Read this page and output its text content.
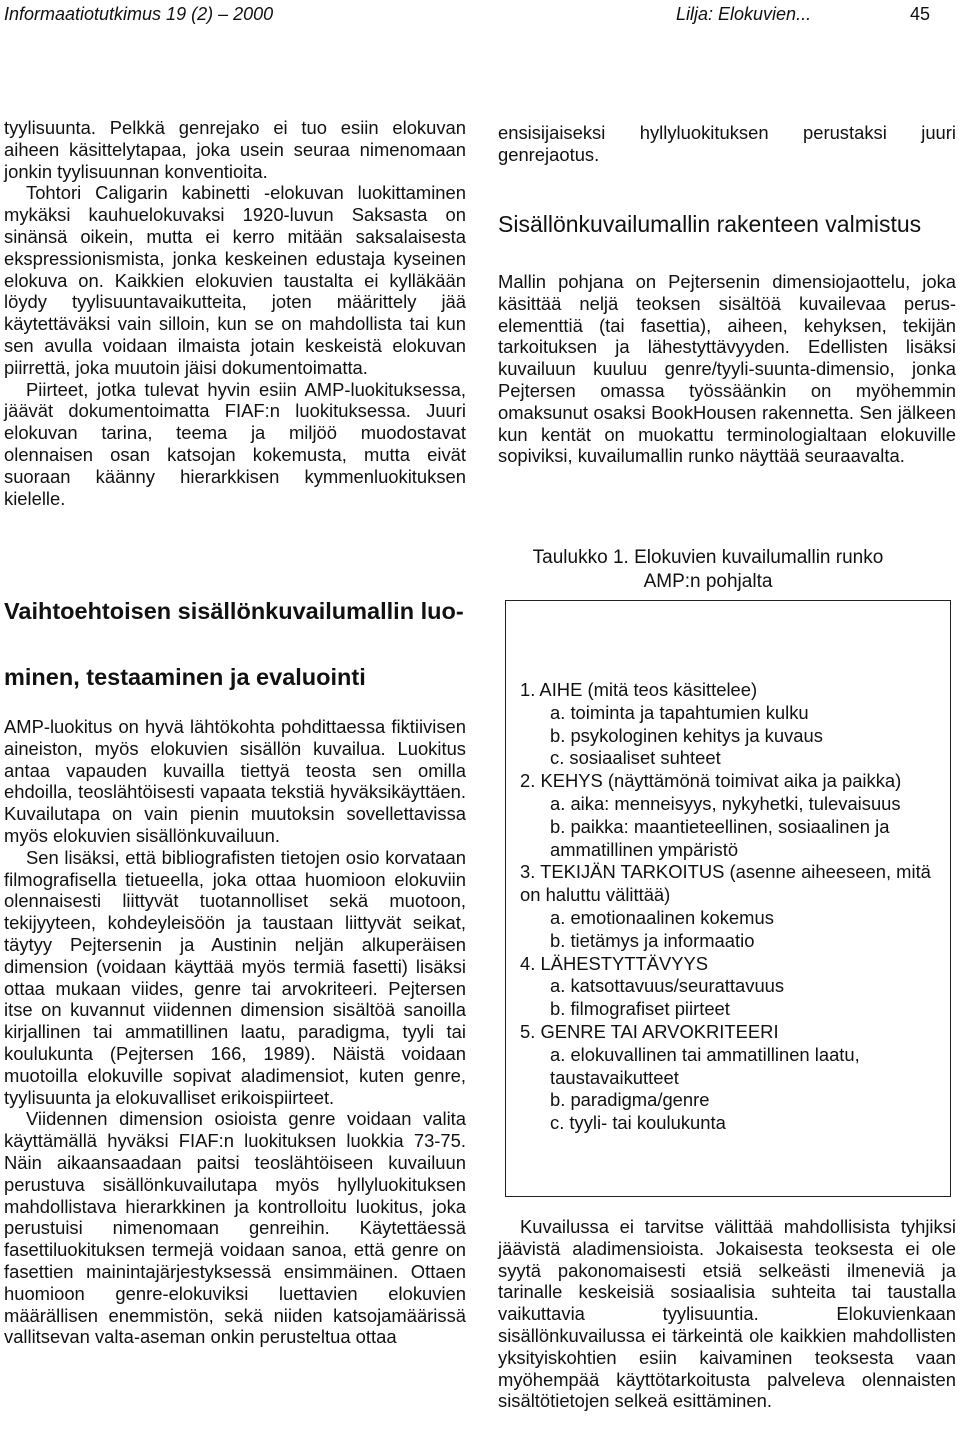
Informaatiotutkimus 19 (2) – 2000	Lilja: Elokuvien...	45

tyylisuunta. Pelkkä genrejako ei tuo esiin elokuvan aiheen käsittelytapaa, joka usein seuraa nimenomaan jonkin tyylisuunnan konventioita.

Tohtori Caligarin kabinetti -elokuvan luokittaminen mykäksi kauhuelokuvaksi 1920-luvun Saksasta on sinänsä oikein, mutta ei kerro mitään saksalaisesta ekspressionismista, jonka keskeinen edustaja kyseinen elokuva on. Kaikkien elokuvien taustalta ei kylläkään löydy tyylisuuntavaikutteita, joten määrittely jää käytettäväksi vain silloin, kun se on mahdollista tai kun sen avulla voidaan ilmaista jotain keskeistä elokuvan piirrettä, joka muutoin jäisi dokumentoimatta.

Piirteet, jotka tulevat hyvin esiin AMP-luokituksessa, jäävät dokumentoimatta FIAF:n luokituksessa. Juuri elokuvan tarina, teema ja miljöö muodostavat olennaisen osan katsojan kokemusta, mutta eivät suoraan käänny hierarkkisen kymmenluokituksen kielelle.

Vaihtoehtoisen sisällönkuvailumallin luo-
minen, testaaminen ja evaluointi

AMP-luokitus on hyvä lähtökohta pohdittaessa fiktiivisen aineiston, myös elokuvien sisällön kuvailua. Luokitus antaa vapauden kuvailla tiettyä teosta sen omilla ehdoilla, teoslähtöisesti vapaata tekstiä hyväksikäyttäen. Kuvailutapa on vain pienin muutoksin sovellettavissa myös elokuvien sisällönkuvailuun.

Sen lisäksi, että bibliografisten tietojen osio korvataan filmografisella tietueella, joka ottaa huomioon elokuviin olennaisesti liittyvät tuotannolliset sekä muotoon, tekijyyteen, kohdeyleisöön ja taustaan liittyvät seikat, täytyy Pejtersenin ja Austinin neljän alkuperäisen dimension (voidaan käyttää myös termiä fasetti) lisäksi ottaa mukaan viides, genre tai arvokriteeri. Pejtersen itse on kuvannut viidennen dimension sisältöä sanoilla kirjallinen tai ammatillinen laatu, paradigma, tyyli tai koulukunta (Pejtersen 166, 1989). Näistä voidaan muotoilla elokuville sopivat aladimensiot, kuten genre, tyylisuunta ja elokuvalliset erikoispiirteet.

Viidennen dimension osioista genre voidaan valita käyttämällä hyväksi FIAF:n luokituksen luokkia 73-75. Näin aikaansaadaan paitsi teoslähtöiseen kuvailuun perustuva sisällönkuvailutapa myös hyllyluokituksen mahdollistava hierarkkinen ja kontrolloitu luokitus, joka perustuisi nimenomaan genreihin. Käytettäessä fasettiluokituksen termejä voidaan sanoa, että genre on fasettien mainintajärjestyksessä ensimmäinen. Ottaen huomioon genre-elokuviksi luettavien elokuvien määrällisen enemmistön, sekä niiden katsojamäärissä vallitsevan valta-aseman onkin perusteltua ottaa

ensisijaiseksi hyllyluokituksen perustaksi juuri genrejaotus.

Sisällönkuvailumallin rakenteen valmistus

Mallin pohjana on Pejtersenin dimensiojaottelu, joka käsittää neljä teoksen sisältöä kuvailevaa perus-elementtiä (tai fasettia), aiheen, kehyksen, tekijän tarkoituksen ja lähestyttävyyden. Edellisten lisäksi kuvailuun kuuluu genre/tyyli-suunta-dimensio, jonka Pejtersen omassa työssäänkin on myöhemmin omaksunut osaksi BookHousen rakennetta. Sen jälkeen kun kentät on muokattu terminologialtaan elokuville sopiviksi, kuvailumallin runko näyttää seuraavalta.

Taulukko 1. Elokuvien kuvailumallin runko
AMP:n pohjalta
1. AIHE (mitä teos käsittelee)
a. toiminta ja tapahtumien kulku
b. psykologinen kehitys ja kuvaus
c. sosiaaliset suhteet
2. KEHYS (näyttämönä toimivat aika ja paikka)
a. aika: menneisyys, nykyhetki, tulevaisuus
b. paikka: maantieteellinen, sosiaalinen ja ammatillinen ympäristö
3. TEKIJÄN TARKOITUS (asenne aiheeseen, mitä on haluttu välittää)
a. emotionaalinen kokemus
b. tietämys ja informaatio
4. LÄHESTYTTÄVYYS
a. katsottavuus/seurattavuus
b. filmografiset piirteet
5. GENRE TAI ARVOKRITEERI
a. elokuvallinen tai ammatillinen laatu, taustavaikutteet
b. paradigma/genre
c. tyyli- tai koulukunta

Kuvailussa ei tarvitse välittää mahdollisista tyhjiksi jäävistä aladimensioista. Jokaisesta teoksesta ei ole syytä pakonomaisesti etsiä selkeästi ilmeneviä ja tarinalle keskeisiä sosiaalisia suhteita tai taustalla vaikuttavia tyylisuuntia. Elokuvienkaan sisällönkuvailussa ei tärkeintä ole kaikkien mahdollisten yksityiskohtien esiin kaivaminen teoksesta vaan myöhempää käyttötarkoitusta palveleva olennaisten sisältötietojen selkeä esittäminen.
